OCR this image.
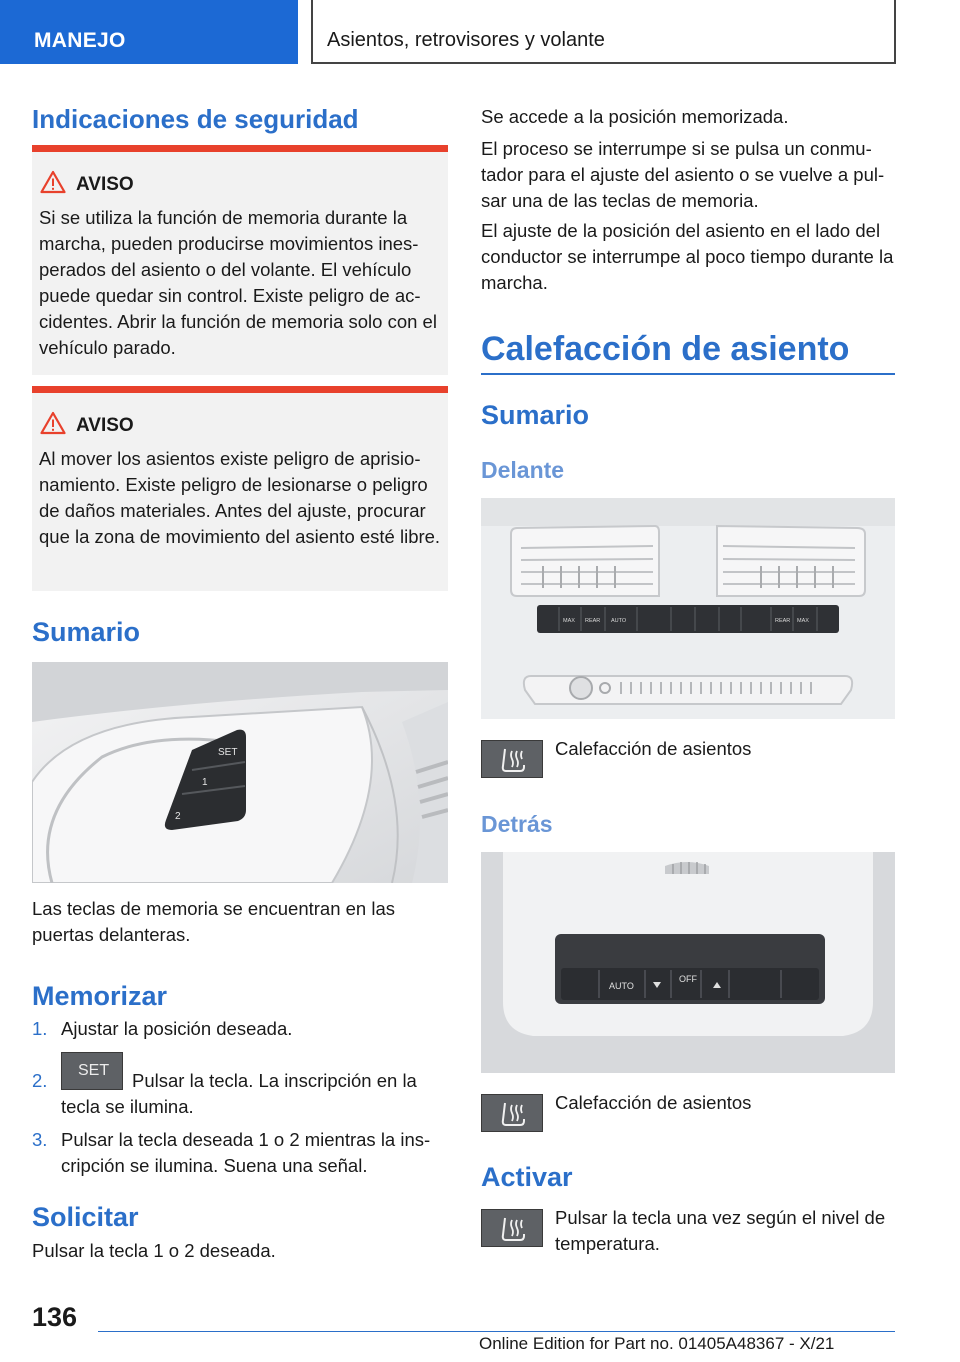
MANEJO	Asientos, retrovisores y volante
Indicaciones de seguridad
AVISO
Si se utiliza la función de memoria durante la marcha, pueden producirse movimientos inesperados del asiento o del volante. El vehículo puede quedar sin control. Existe peligro de accidentes. Abrir la función de memoria solo con el vehículo parado.
AVISO
Al mover los asientos existe peligro de aprisionamiento. Existe peligro de lesionarse o peligro de daños materiales. Antes del ajuste, procurar que la zona de movimiento del asiento esté libre.
Sumario
SET
1
2
Las teclas de memoria se encuentran en las puertas delanteras.
Memorizar
1. Ajustar la posición deseada.
2. SET	Pulsar la tecla. La inscripción en la tecla se ilumina.
3. Pulsar la tecla deseada 1 o 2 mientras la inscripción se ilumina. Suena una señal.
Solicitar
Pulsar la tecla 1 o 2 deseada.
Se accede a la posición memorizada.
El proceso se interrumpe si se pulsa un conmutador para el ajuste del asiento o se vuelve a pulsar una de las teclas de memoria.
El ajuste de la posición del asiento en el lado del conductor se interrumpe al poco tiempo durante la marcha.
Calefacción de asiento
Sumario
Delante
MAX REAR AUTO	REAR MAX
Calefacción de asientos
Detrás
AUTO
OFF
Calefacción de asientos
Activar
Pulsar la tecla una vez según el nivel de temperatura.
136
Online Edition for Part no. 01405A48367 - X/21
